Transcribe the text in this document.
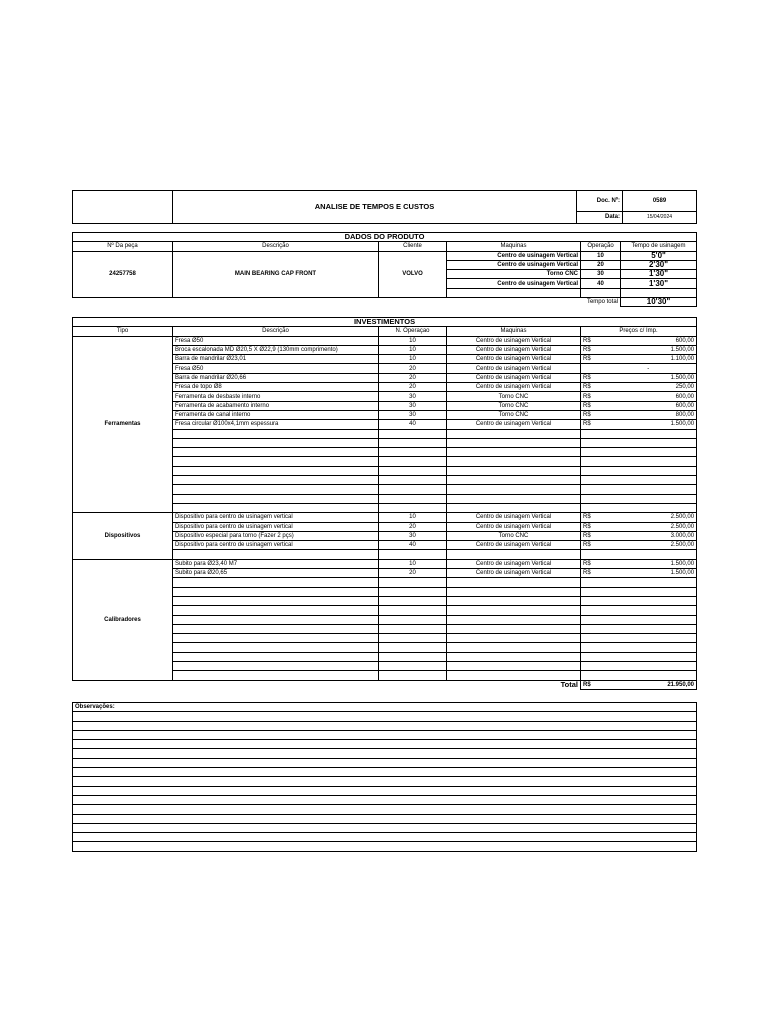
	ANALISE DE TEMPOS E CUSTOS	Doc. Nº:	0589
		Data:	15/04/2024
DADOS DO PRODUTO					
Nº Da peça	Descrição	Cliente	Maquinas	Operação	Tempo de usinagem
24257758	MAIN BEARING CAP FRONT	VOLVO	Centro de usinagem Vertical	10	5'0"
			Centro de usinagem Vertical	20	2'30"
			Torno CNC	30	1'30"
			Centro de usinagem Vertical	40	1'30"

				Tempo total	10'30"
INVESTIMENTOS					
Tipo	Descrição	N. Operaçao	Maquinas	Preços c/ Imp.	
Ferramentas	Fresa Ø50	10	Centro de usinagem Vertical	R$	600,00
	Broca escalonada MD Ø20,5 X Ø22,9 (130mm comprimento)	10	Centro de usinagem Vertical	R$	1.500,00
	Barra de mandrilar Ø23,01	10	Centro de usinagem Vertical	R$	1.100,00
	Fresa Ø50	20	Centro de usinagem Vertical		-
	Barra de mandrilar Ø20,66	20	Centro de usinagem Vertical	R$	1.500,00
	Fresa de topo Ø8	20	Centro de usinagem Vertical	R$	250,00
	Ferramenta de desbaste interno	30	Torno CNC	R$	600,00
	Ferramenta de acabamento interno	30	Torno CNC	R$	600,00
	Ferramenta de canal interno	30	Torno CNC	R$	800,00
	Fresa circular Ø100x4,1mm espessura	40	Centro de usinagem Vertical	R$	1.500,00

Dispositivos	Dispositivo para centro de usinagem vertical	10	Centro de usinagem Vertical	R$	2.500,00
	Dispositivo para centro de usinagem vertical	20	Centro de usinagem Vertical	R$	2.500,00
	Dispositivo especial para torno (Fazer 2 pçs)	30	Torno CNC	R$	3.000,00
	Dispositivo para centro de usinagem vertical	40	Centro de usinagem Vertical	R$	2.500,00

Calibradores	Subito para Ø23,40 M7	10	Centro de usinagem Vertical	R$	1.500,00
	Subito para Ø20,65	20	Centro de usinagem Vertical	R$	1.500,00

			Total	R$	21.950,00
Observações:
